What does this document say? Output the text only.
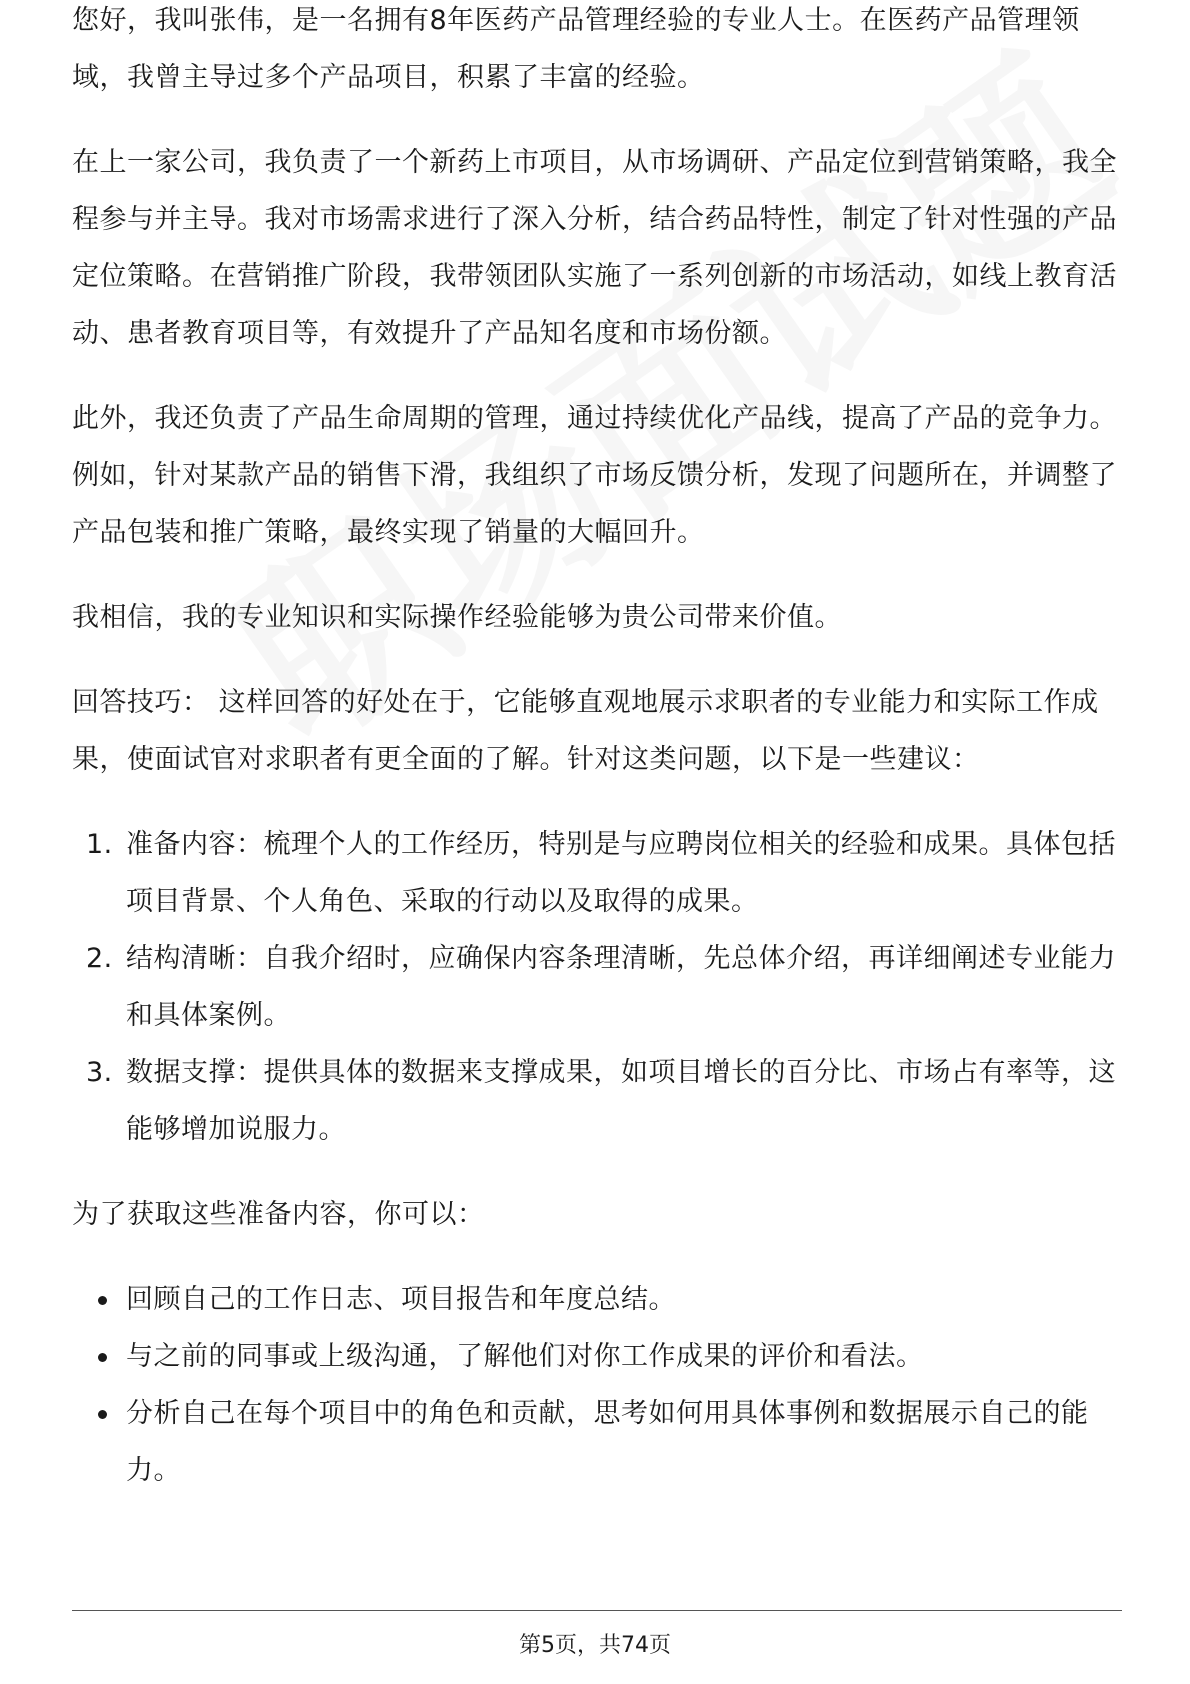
您好，我叫张伟，是一名拥有8年医药产品管理经验的专业人士。在医药产品管理领域，我曾主导过多个产品项目，积累了丰富的经验。

在上一家公司，我负责了一个新药上市项目，从市场调研、产品定位到营销策略，我全程参与并主导。我对市场需求进行了深入分析，结合药品特性，制定了针对性强的产品定位策略。在营销推广阶段，我带领团队实施了一系列创新的市场活动，如线上教育活动、患者教育项目等，有效提升了产品知名度和市场份额。

此外，我还负责了产品生命周期的管理，通过持续优化产品线，提高了产品的竞争力。例如，针对某款产品的销售下滑，我组织了市场反馈分析，发现了问题所在，并调整了产品包装和推广策略，最终实现了销量的大幅回升。

我相信，我的专业知识和实际操作经验能够为贵公司带来价值。

回答技巧： 这样回答的好处在于，它能够直观地展示求职者的专业能力和实际工作成果，使面试官对求职者有更全面的了解。针对这类问题，以下是一些建议：

1. 准备内容：梳理个人的工作经历，特别是与应聘岗位相关的经验和成果。具体包括项目背景、个人角色、采取的行动以及取得的成果。
2. 结构清晰：自我介绍时，应确保内容条理清晰，先总体介绍，再详细阐述专业能力和具体案例。
3. 数据支撑：提供具体的数据来支撑成果，如项目增长的百分比、市场占有率等，这能够增加说服力。

为了获取这些准备内容，你可以：

回顾自己的工作日志、项目报告和年度总结。
与之前的同事或上级沟通，了解他们对你工作成果的评价和看法。
分析自己在每个项目中的角色和贡献，思考如何用具体事例和数据展示自己的能力。
第5页，共74页
